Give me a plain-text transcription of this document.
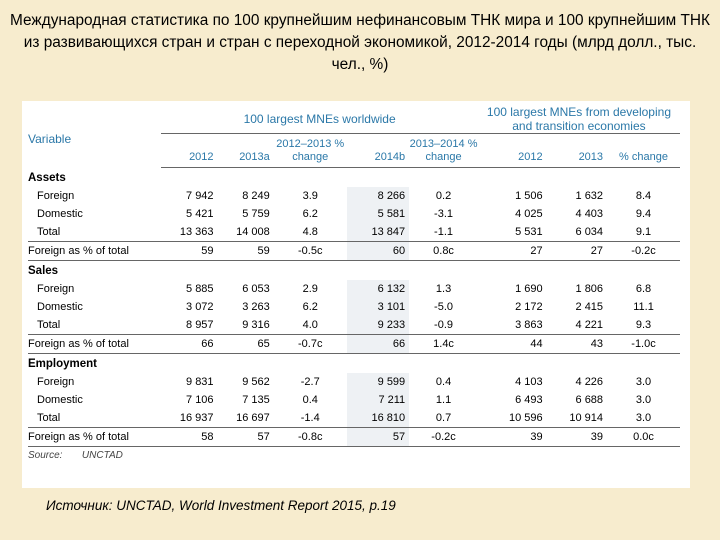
Международная статистика по 100 крупнейшим нефинансовым ТНК мира и 100 крупнейшим ТНК из развивающихся стран и стран с переходной экономикой, 2012-2014 годы (млрд долл., тыс. чел., %)
Variable	100 largest MNEs worldwide					100 largest MNEs from developing and transition economies		
	2012	2013a	2012–2013 % change	2014b	2013–2014 % change	2012	2013	% change
Assets								
Foreign	7 942	8 249	3.9	8 266	0.2	1 506	1 632	8.4
Domestic	5 421	5 759	6.2	5 581	-3.1	4 025	4 403	9.4
Total	13 363	14 008	4.8	13 847	-1.1	5 531	6 034	9.1
Foreign as % of total	59	59	-0.5c	60	0.8c	27	27	-0.2c
Sales								
Foreign	5 885	6 053	2.9	6 132	1.3	1 690	1 806	6.8
Domestic	3 072	3 263	6.2	3 101	-5.0	2 172	2 415	11.1
Total	8 957	9 316	4.0	9 233	-0.9	3 863	4 221	9.3
Foreign as % of total	66	65	-0.7c	66	1.4c	44	43	-1.0c
Employment								
Foreign	9 831	9 562	-2.7	9 599	0.4	4 103	4 226	3.0
Domestic	7 106	7 135	0.4	7 211	1.1	6 493	6 688	3.0
Total	16 937	16 697	-1.4	16 810	0.7	10 596	10 914	3.0
Foreign as % of total	58	57	-0.8c	57	-0.2c	39	39	0.0c
Source: UNCTAD								
Источник: UNCTAD, World Investment Report 2015, p.19
